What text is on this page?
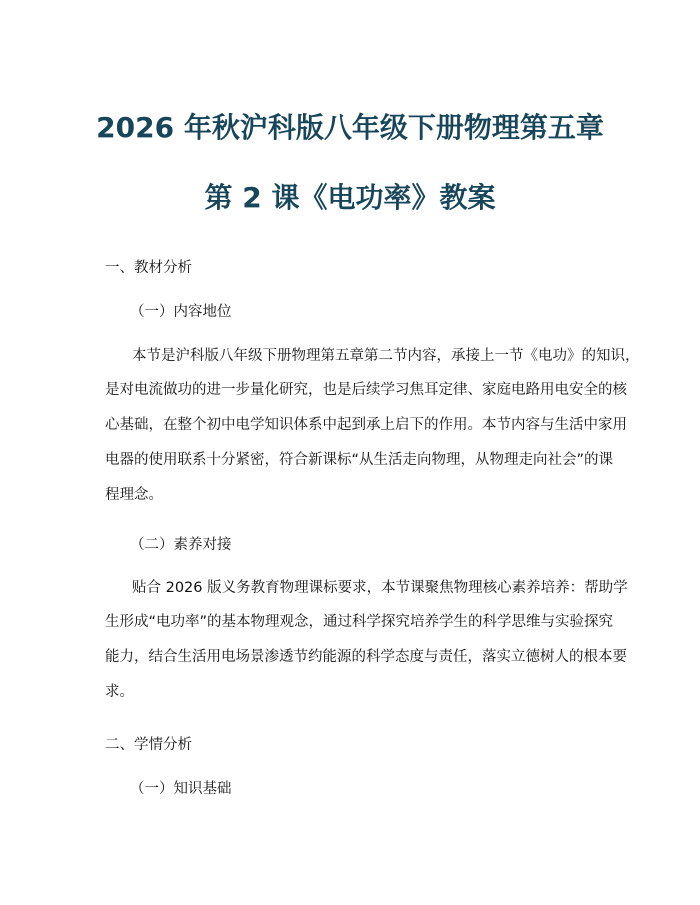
2026 年秋沪科版八年级下册物理第五章
第 2 课《电功率》教案

一、教材分析

（一）内容地位

本节是沪科版八年级下册物理第五章第二节内容，承接上一节《电功》的知识，

是对电流做功的进一步量化研究，也是后续学习焦耳定律、家庭电路用电安全的核

心基础，在整个初中电学知识体系中起到承上启下的作用。本节内容与生活中家用

电器的使用联系十分紧密，符合新课标“从生活走向物理，从物理走向社会”的课

程理念。

（二）素养对接

贴合 2026 版义务教育物理课标要求，本节课聚焦物理核心素养培养：帮助学

生形成“电功率”的基本物理观念，通过科学探究培养学生的科学思维与实验探究

能力，结合生活用电场景渗透节约能源的科学态度与责任，落实立德树人的根本要

求。

二、学情分析

（一）知识基础
